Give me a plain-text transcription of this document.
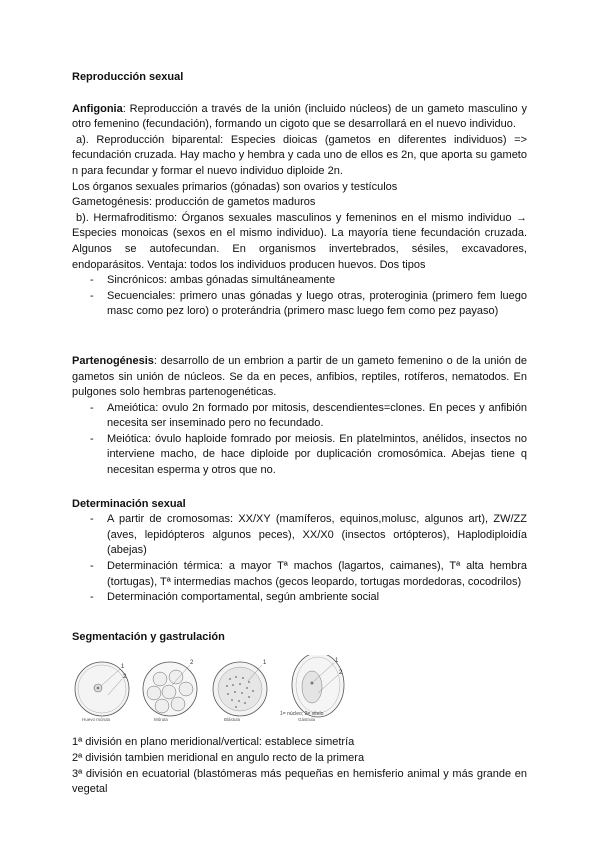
Reproducción sexual

Anfigonia: Reproducción a través de la unión (incluido núcleos) de un gameto masculino y otro femenino (fecundación), formando un cigoto que se desarrollará en el nuevo individuo.

a). Reproducción biparental: Especies dioicas (gametos en diferentes individuos) => fecundación cruzada. Hay macho y hembra y cada uno de ellos es 2n, que aporta su gameto n para fecundar y formar el nuevo individuo diploide 2n.

Los órganos sexuales primarios (gónadas) son ovarios y testículos

Gametogénesis: producción de gametos maduros

b). Hermafroditismo: Órganos sexuales masculinos y femeninos en el mismo individuo → Especies monoicas (sexos en el mismo individuo). La mayoría tiene fecundación cruzada. Algunos se autofecundan. En organismos invertebrados, sésiles, excavadores, endoparásitos. Ventaja: todos los individuos producen huevos. Dos tipos

- Sincrónicos: ambas gónadas simultáneamente
- Secuenciales: primero unas gónadas y luego otras, proteroginia (primero fem luego masc como pez loro) o proterándria (primero masc luego fem como pez payaso)

Partenogénesis: desarrollo de un embrion a partir de un gameto femenino o de la unión de gametos sin unión de núcleos. Se da en peces, anfibios, reptiles, rotíferos, nematodos. En pulgones solo hembras partenogenéticas.

- Ameiótica: ovulo 2n formado por mitosis, descendientes=clones. En peces y anfibión necesita ser inseminado pero no fecundado.
- Meiótica: óvulo haploide fomrado por meiosis. En platelmintos, anélidos, insectos no interviene macho, de hace diploide por duplicación cromosómica. Abejas tiene q necesitan esperma y otros que no.

Determinación sexual

- A partir de cromosomas: XX/XY (mamíferos, equinos,molusc, algunos art), ZW/ZZ (aves, lepidópteros algunos peces), XX/X0 (insectos ortópteros), Haplodiploidía (abejas)
- Determinación térmica: a mayor Tª machos (lagartos, caimanes), Tª alta hembra (tortugas), Tª intermedias machos (gecos leopardo, tortugas mordedoras, cocodrilos)
- Determinación comportamental, según ambriente social

Segmentación y gastrulación

1
2
1
2	1
2
Huevo mórula	Mórula	Blástula	Gástrula
1= núcleo; 2= vitelo

1ª división en plano meridional/vertical: establece simetría

2ª división tambien meridional en angulo recto de la primera

3ª división en ecuatorial (blastómeras más pequeñas en hemisferio animal y más grande en vegetal
